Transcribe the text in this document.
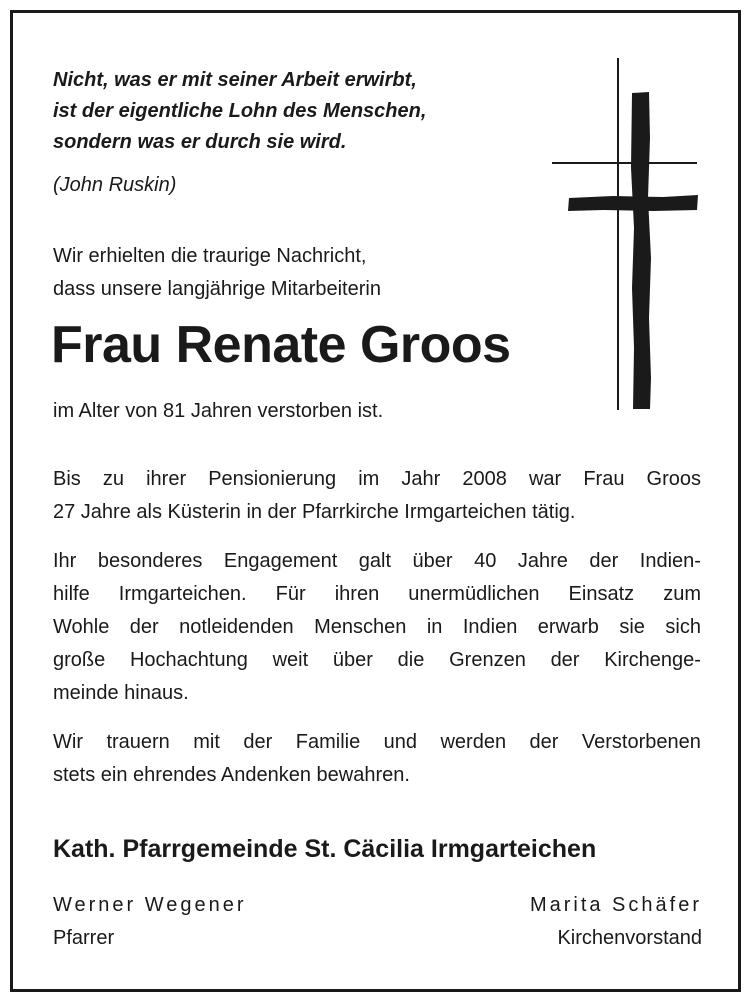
Nicht, was er mit seiner Arbeit erwirbt,
ist der eigentliche Lohn des Menschen,
sondern was er durch sie wird.
(John Ruskin)
Wir erhielten die traurige Nachricht,
dass unsere langjährige Mitarbeiterin
Frau Renate Groos
im Alter von 81 Jahren verstorben ist.
Bis zu ihrer Pensionierung im Jahr 2008 war Frau Groos
27 Jahre als Küsterin in der Pfarrkirche Irmgarteichen tätig.
Ihr besonderes Engagement galt über 40 Jahre der Indien-
hilfe Irmgarteichen. Für ihren unermüdlichen Einsatz zum
Wohle der notleidenden Menschen in Indien erwarb sie sich
große Hochachtung weit über die Grenzen der Kirchenge-
meinde hinaus.
Wir trauern mit der Familie und werden der Verstorbenen
stets ein ehrendes Andenken bewahren.
Kath. Pfarrgemeinde St. Cäcilia Irmgarteichen
Werner Wegener
Pfarrer
Marita Schäfer
Kirchenvorstand
